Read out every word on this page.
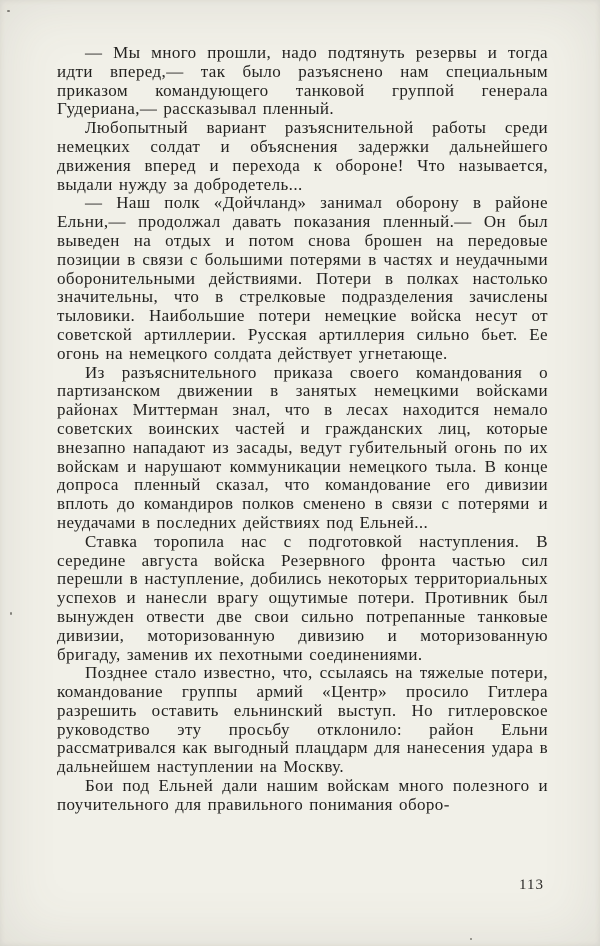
— Мы много прошли, надо подтянуть резервы и тогда идти вперед,— так было разъяснено нам специальным приказом командующего танковой группой генерала Гудериана,— рассказывал пленный.

Любопытный вариант разъяснительной работы среди немецких солдат и объяснения задержки дальнейшего движения вперед и перехода к обороне! Что называется, выдали нужду за добродетель...

— Наш полк «Дойчланд» занимал оборону в районе Ельни,— продолжал давать показания пленный.— Он был выведен на отдых и потом снова брошен на передовые позиции в связи с большими потерями в частях и неудачными оборонительными действиями. Потери в полках настолько значительны, что в стрелковые подразделения зачислены тыловики. Наибольшие потери немецкие войска несут от советской артиллерии. Русская артиллерия сильно бьет. Ее огонь на немецкого солдата действует угнетающе.

Из разъяснительного приказа своего командования о партизанском движении в занятых немецкими войсками районах Миттерман знал, что в лесах находится немало советских воинских частей и гражданских лиц, которые внезапно нападают из засады, ведут губительный огонь по их войскам и нарушают коммуникации немецкого тыла. В конце допроса пленный сказал, что командование его дивизии вплоть до командиров полков сменено в связи с потерями и неудачами в последних действиях под Ельней...

Ставка торопила нас с подготовкой наступления. В середине августа войска Резервного фронта частью сил перешли в наступление, добились некоторых территориальных успехов и нанесли врагу ощутимые потери. Противник был вынужден отвести две свои сильно потрепанные танковые дивизии, моторизованную дивизию и моторизованную бригаду, заменив их пехотными соединениями.

Позднее стало известно, что, ссылаясь на тяжелые потери, командование группы армий «Центр» просило Гитлера разрешить оставить ельнинский выступ. Но гитлеровское руководство эту просьбу отклонило: район Ельни рассматривался как выгодный плацдарм для нанесения удара в дальнейшем наступлении на Москву.

Бои под Ельней дали нашим войскам много полезного и поучительного для правильного понимания оборо-

113
